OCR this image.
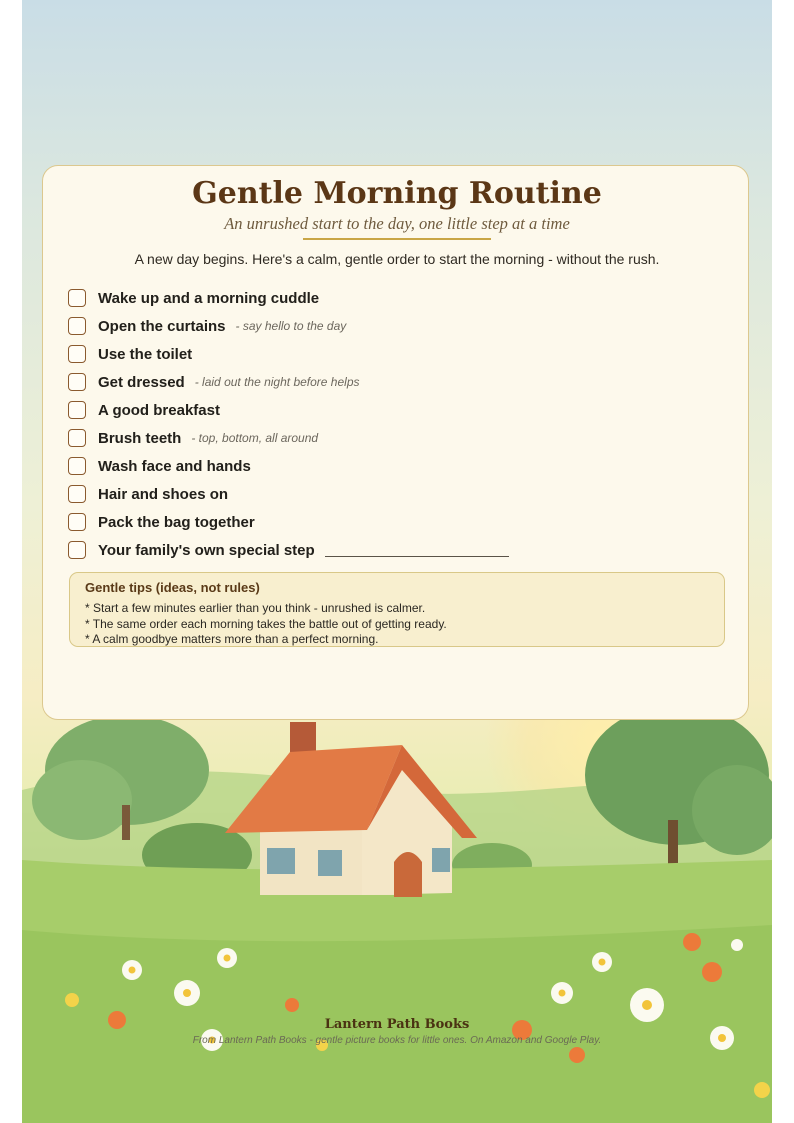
Gentle Morning Routine
An unrushed start to the day, one little step at a time
A new day begins. Here's a calm, gentle order to start the morning - without the rush.
Wake up and a morning cuddle
Open the curtains - say hello to the day
Use the toilet
Get dressed - laid out the night before helps
A good breakfast
Brush teeth - top, bottom, all around
Wash face and hands
Hair and shoes on
Pack the bag together
Your family's own special step
Gentle tips (ideas, not rules)
* Start a few minutes earlier than you think - unrushed is calmer.
* The same order each morning takes the battle out of getting ready.
* A calm goodbye matters more than a perfect morning.
Lantern Path Books
From Lantern Path Books - gentle picture books for little ones. On Amazon and Google Play.
